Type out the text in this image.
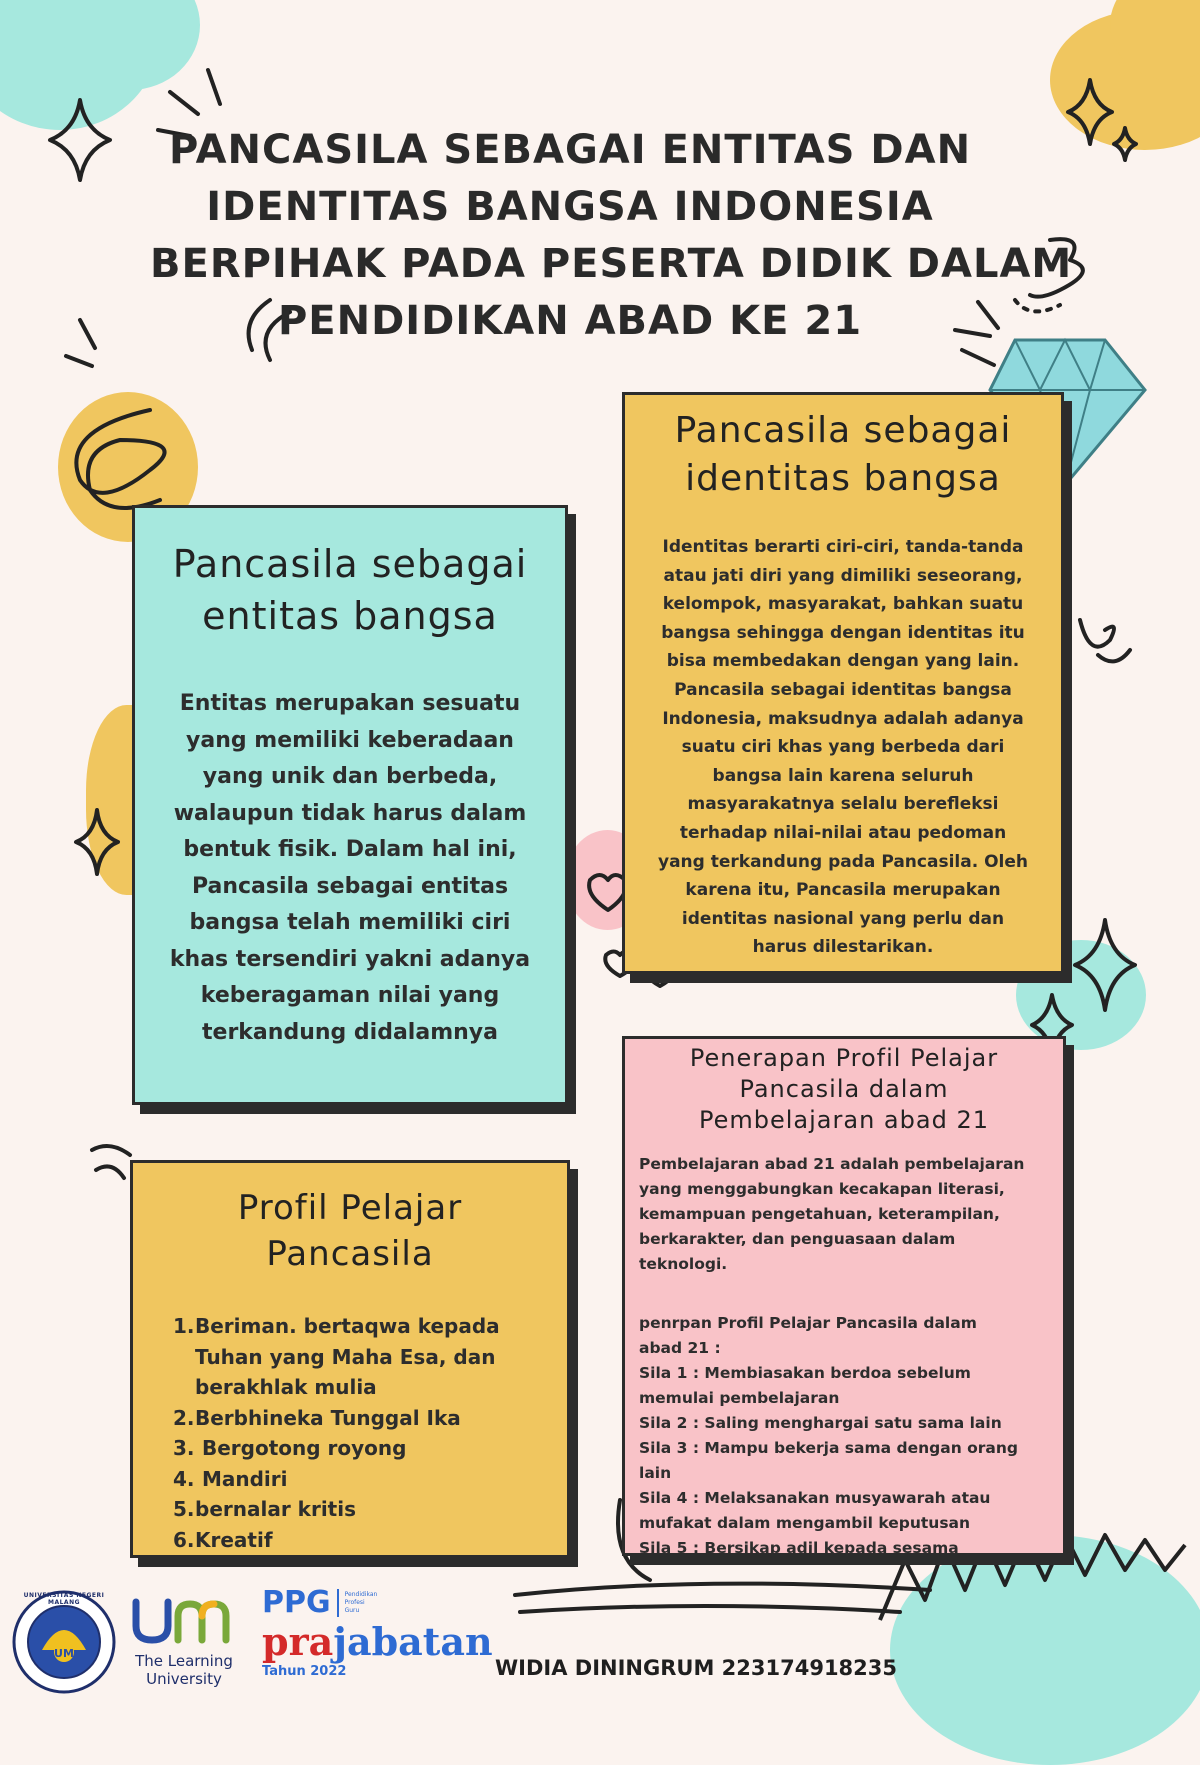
PANCASILA SEBAGAI ENTITAS DAN
IDENTITAS BANGSA INDONESIA
BERPIHAK PADA PESERTA DIDIK DALAM
PENDIDIKAN ABAD KE 21
Pancasila sebagai
entitas bangsa
Entitas merupakan sesuatu
yang memiliki keberadaan
yang unik dan berbeda,
walaupun tidak harus dalam
bentuk fisik. Dalam hal ini,
Pancasila sebagai entitas
bangsa telah memiliki ciri
khas tersendiri yakni adanya
keberagaman nilai yang
terkandung didalamnya
Pancasila sebagai
identitas bangsa
Identitas berarti ciri-ciri, tanda-tanda
atau jati diri yang dimiliki seseorang,
kelompok, masyarakat, bahkan suatu
bangsa sehingga dengan identitas itu
bisa membedakan dengan yang lain.
Pancasila sebagai identitas bangsa
Indonesia, maksudnya adalah adanya
suatu ciri khas yang berbeda dari
bangsa lain karena seluruh
masyarakatnya selalu berefleksi
terhadap nilai-nilai atau pedoman
yang terkandung pada Pancasila. Oleh
karena itu, Pancasila merupakan
identitas nasional yang perlu dan
harus dilestarikan.
Profil Pelajar
Pancasila
1. Beriman. bertaqwa kepada
Tuhan yang Maha Esa, dan
berakhlak mulia
2. Berbhineka Tunggal Ika
3. Bergotong royong
4. Mandiri
5. bernalar kritis
6. Kreatif
Penerapan Profil Pelajar
Pancasila dalam
Pembelajaran abad 21
Pembelajaran abad 21 adalah pembelajaran
yang menggabungkan kecakapan literasi,
kemampuan pengetahuan, keterampilan,
berkarakter, dan penguasaan dalam
teknologi.
penrpan Profil Pelajar Pancasila dalam
abad 21 :
Sila 1 : Membiasakan berdoa sebelum
memulai pembelajaran
Sila 2 : Saling menghargai satu sama lain
Sila 3 : Mampu bekerja sama dengan orang
lain
Sila 4 : Melaksanakan musyawarah atau
mufakat dalam mengambil keputusan
Sila 5 : Bersikap adil kepada sesama
UNIVERSITAS NEGERI MALANG
UM	The Learning
University
PPG Pendidikan
Profesi
Guru
prajabatan
Tahun 2022	WIDIA DININGRUM 223174918235
